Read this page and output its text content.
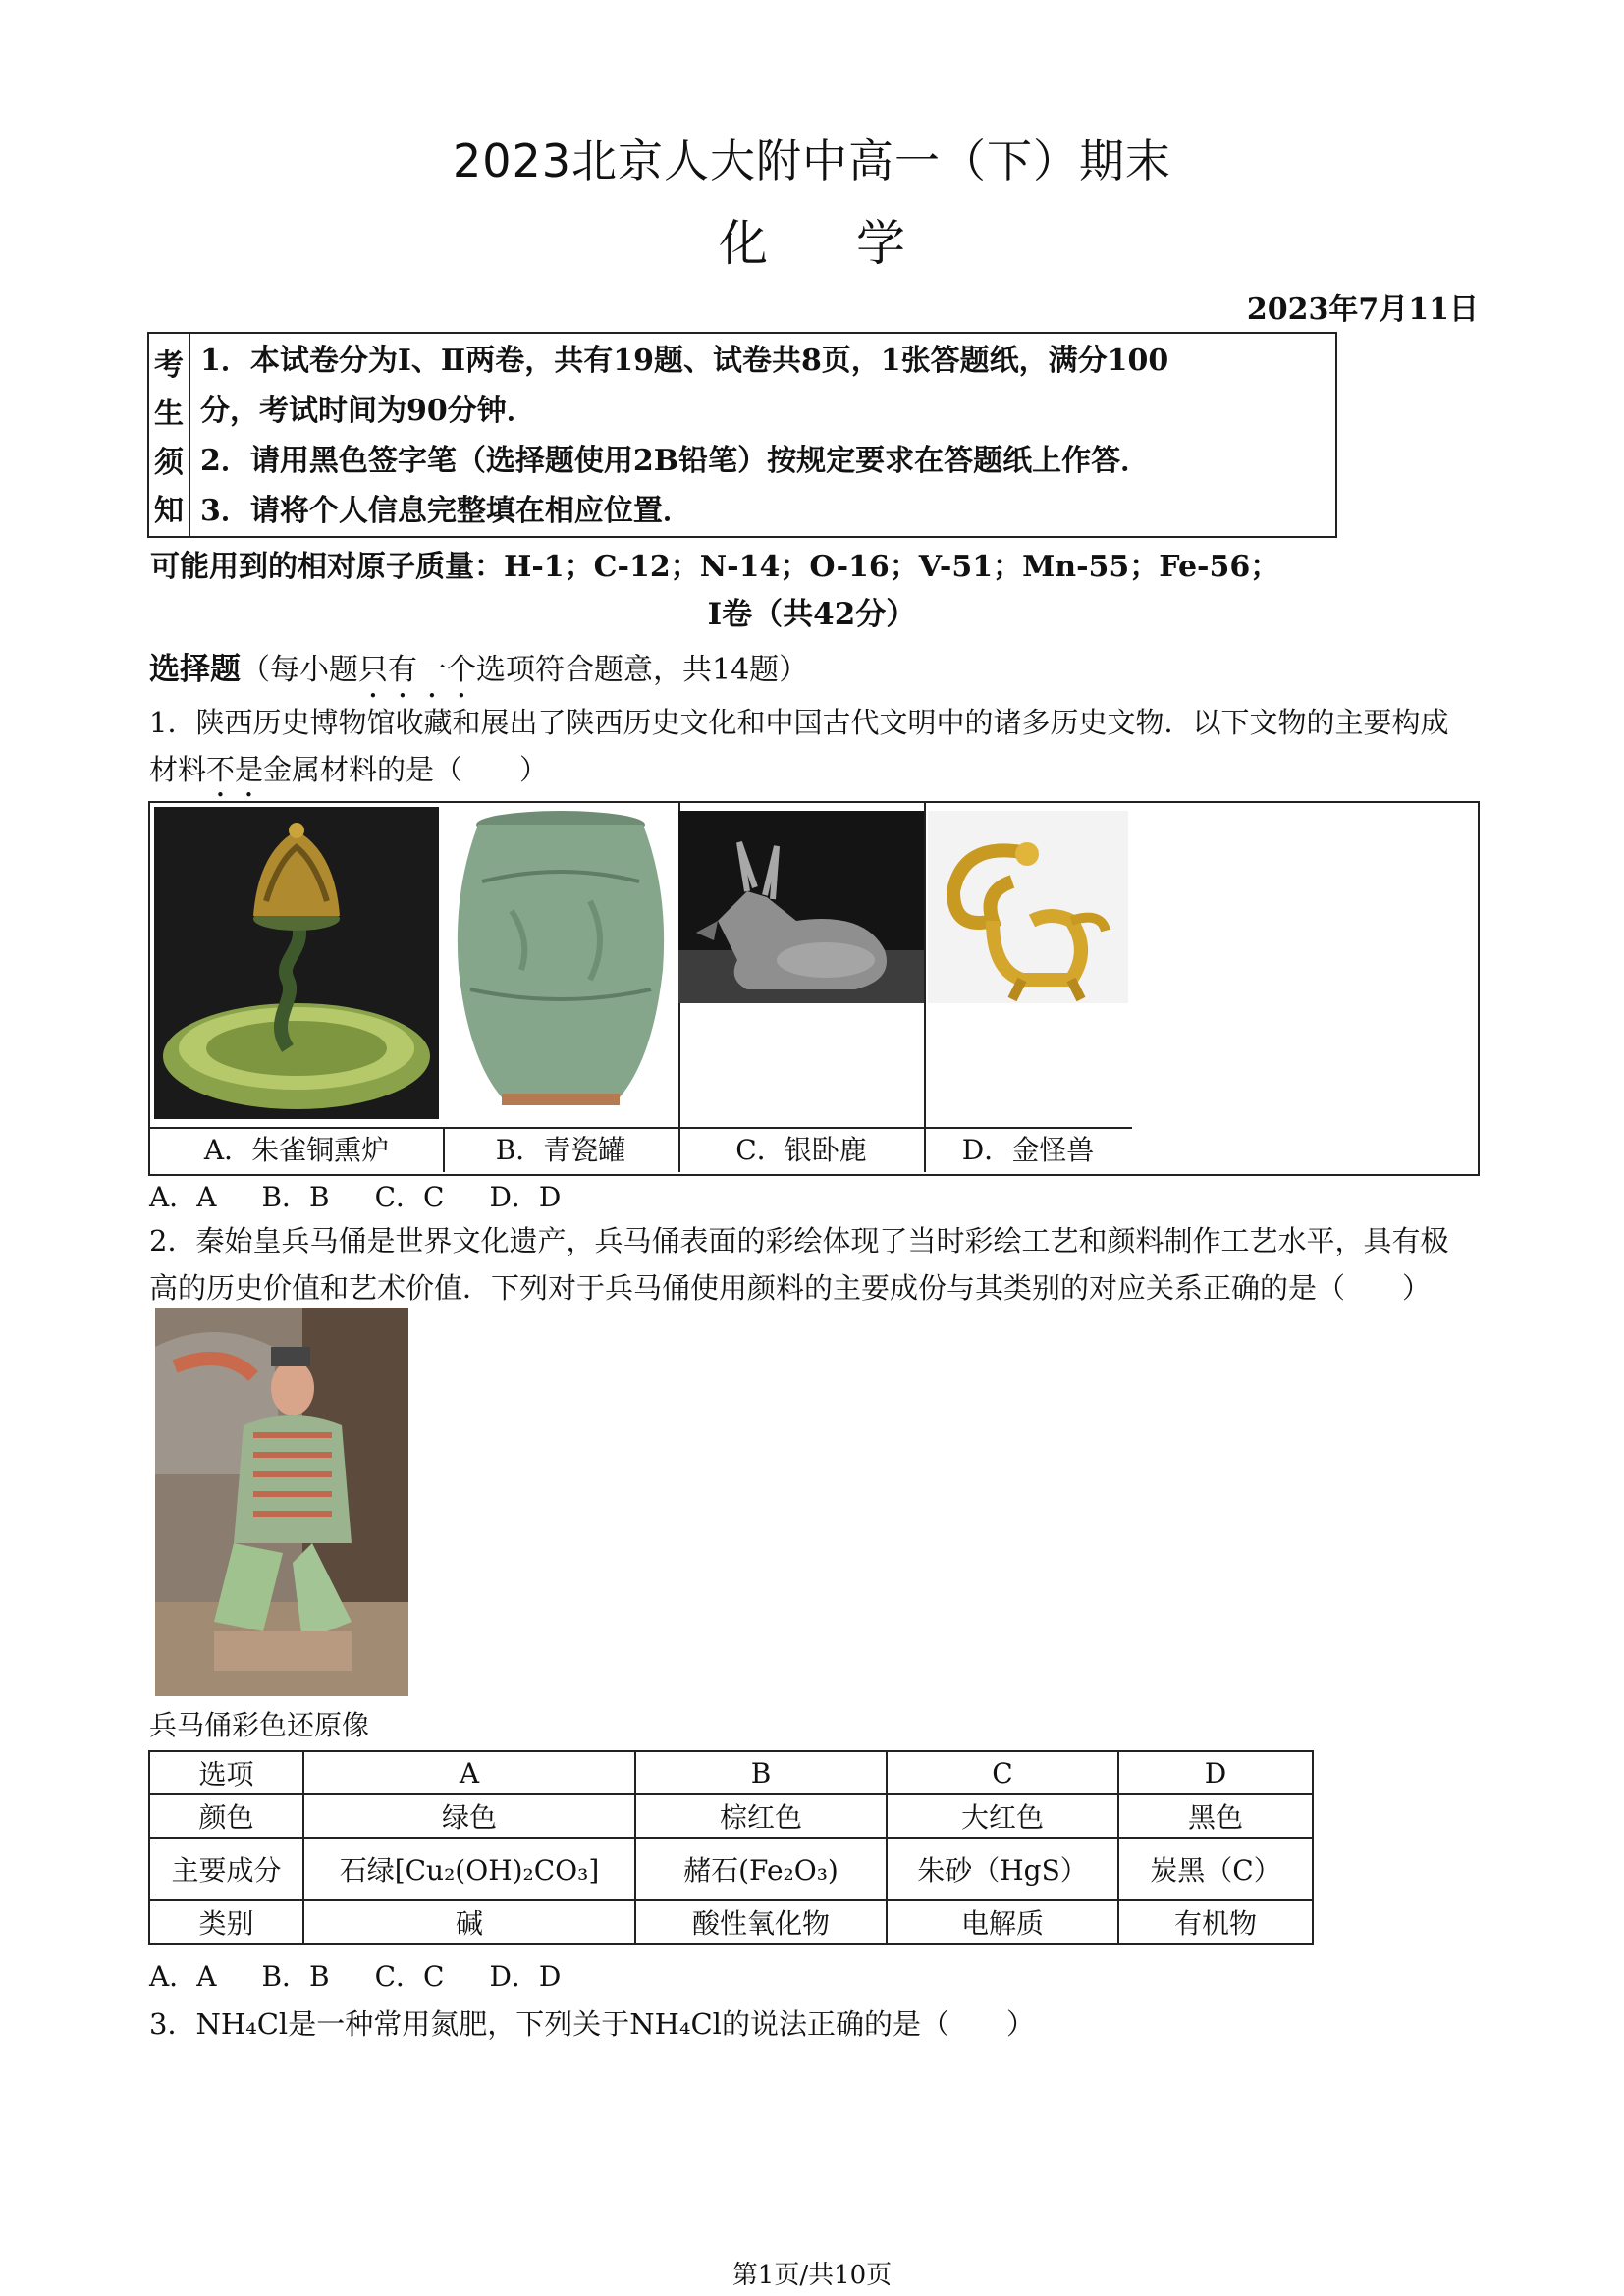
2023北京人大附中高一（下）期末
化 学
2023年7月11日
考
生
须
知
1．本试卷分为Ⅰ、Ⅱ两卷，共有19题、试卷共8页，1张答题纸，满分100
分，考试时间为90分钟．
2．请用黑色签字笔（选择题使用2B铅笔）按规定要求在答题纸上作答．
3．请将个人信息完整填在相应位置．
可能用到的相对原子质量：H-1；C-12；N-14；O-16；V-51；Mn-55；Fe-56；
Ⅰ卷（共42分）
选择题（每小题只有一个选项符合题意，共14题）
1．陕西历史博物馆收藏和展出了陕西历史文化和中国古代文明中的诸多历史文物．以下文物的主要构成材料不是金属材料的是（　　）
A．朱雀铜熏炉	B．青瓷罐	C．银卧鹿	D．金怪兽
A．A B．B C．C D．D
2．秦始皇兵马俑是世界文化遗产，兵马俑表面的彩绘体现了当时彩绘工艺和颜料制作工艺水平，具有极高的历史价值和艺术价值．下列对于兵马俑使用颜料的主要成份与其类别的对应关系正确的是（　　）
兵马俑彩色还原像
选项	A	B	C	D
颜色	绿色	棕红色	大红色	黑色
主要成分	石绿[Cu₂(OH)₂CO₃]	赭石(Fe₂O₃)	朱砂（HgS）	炭黑（C）
类别	碱	酸性氧化物	电解质	有机物
A．A B．B C．C D．D
3．NH₄Cl是一种常用氮肥，下列关于NH₄Cl的说法正确的是（　　）
第1页/共10页
